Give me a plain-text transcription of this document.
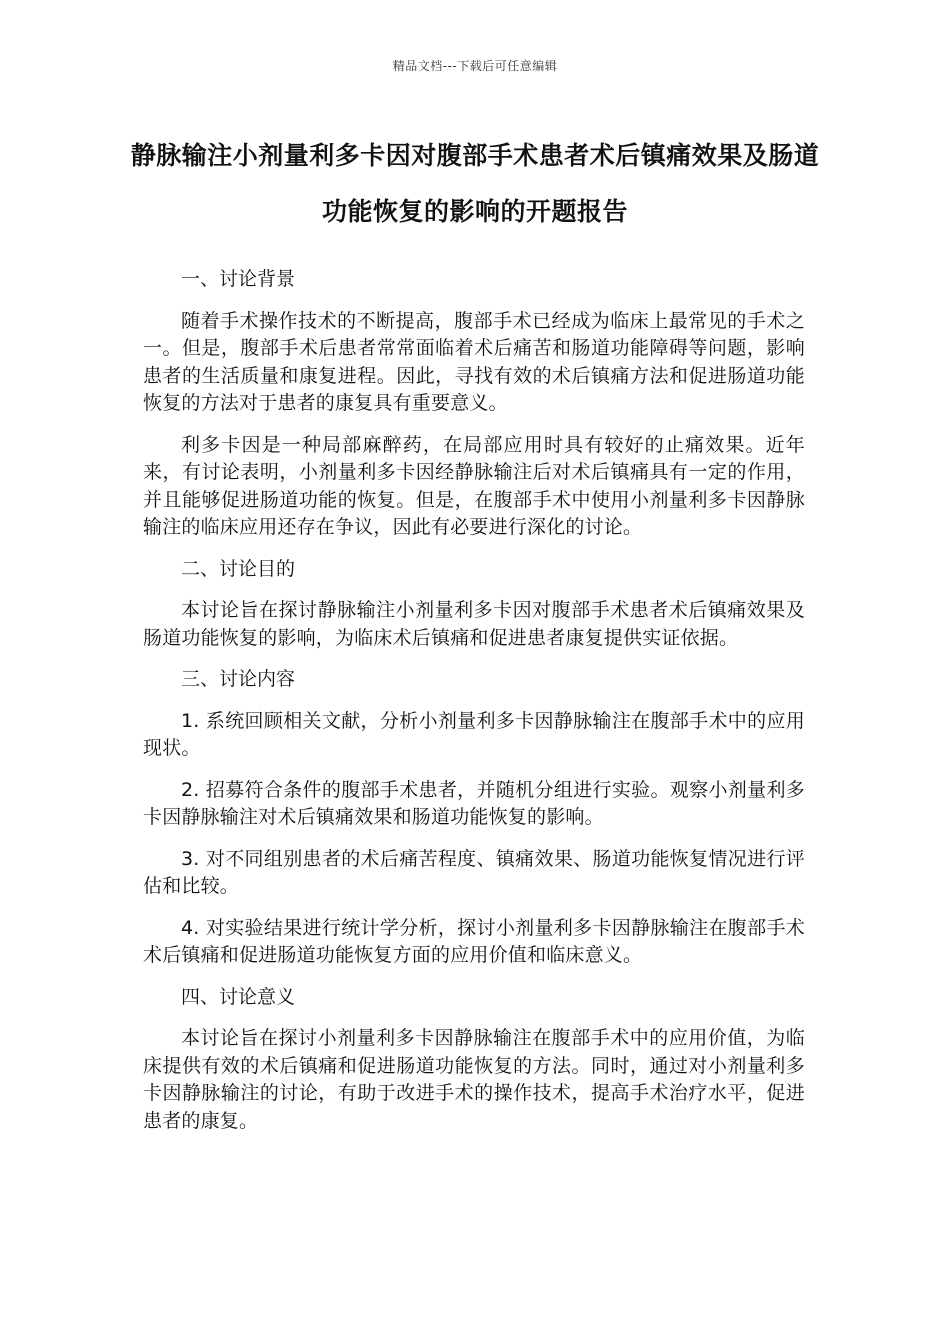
精品文档---下载后可任意编辑
静脉输注小剂量利多卡因对腹部手术患者术后镇痛效果及肠道功能恢复的影响的开题报告
一、讨论背景

随着手术操作技术的不断提高，腹部手术已经成为临床上最常见的手术之一。但是，腹部手术后患者常常面临着术后痛苦和肠道功能障碍等问题，影响患者的生活质量和康复进程。因此，寻找有效的术后镇痛方法和促进肠道功能恢复的方法对于患者的康复具有重要意义。

利多卡因是一种局部麻醉药，在局部应用时具有较好的止痛效果。近年来，有讨论表明，小剂量利多卡因经静脉输注后对术后镇痛具有一定的作用，并且能够促进肠道功能的恢复。但是，在腹部手术中使用小剂量利多卡因静脉输注的临床应用还存在争议，因此有必要进行深化的讨论。

二、讨论目的

本讨论旨在探讨静脉输注小剂量利多卡因对腹部手术患者术后镇痛效果及肠道功能恢复的影响，为临床术后镇痛和促进患者康复提供实证依据。

三、讨论内容

1. 系统回顾相关文献，分析小剂量利多卡因静脉输注在腹部手术中的应用现状。

2. 招募符合条件的腹部手术患者，并随机分组进行实验。观察小剂量利多卡因静脉输注对术后镇痛效果和肠道功能恢复的影响。

3. 对不同组别患者的术后痛苦程度、镇痛效果、肠道功能恢复情况进行评估和比较。

4. 对实验结果进行统计学分析，探讨小剂量利多卡因静脉输注在腹部手术术后镇痛和促进肠道功能恢复方面的应用价值和临床意义。

四、讨论意义

本讨论旨在探讨小剂量利多卡因静脉输注在腹部手术中的应用价值，为临床提供有效的术后镇痛和促进肠道功能恢复的方法。同时，通过对小剂量利多卡因静脉输注的讨论，有助于改进手术的操作技术，提高手术治疗水平，促进患者的康复。
